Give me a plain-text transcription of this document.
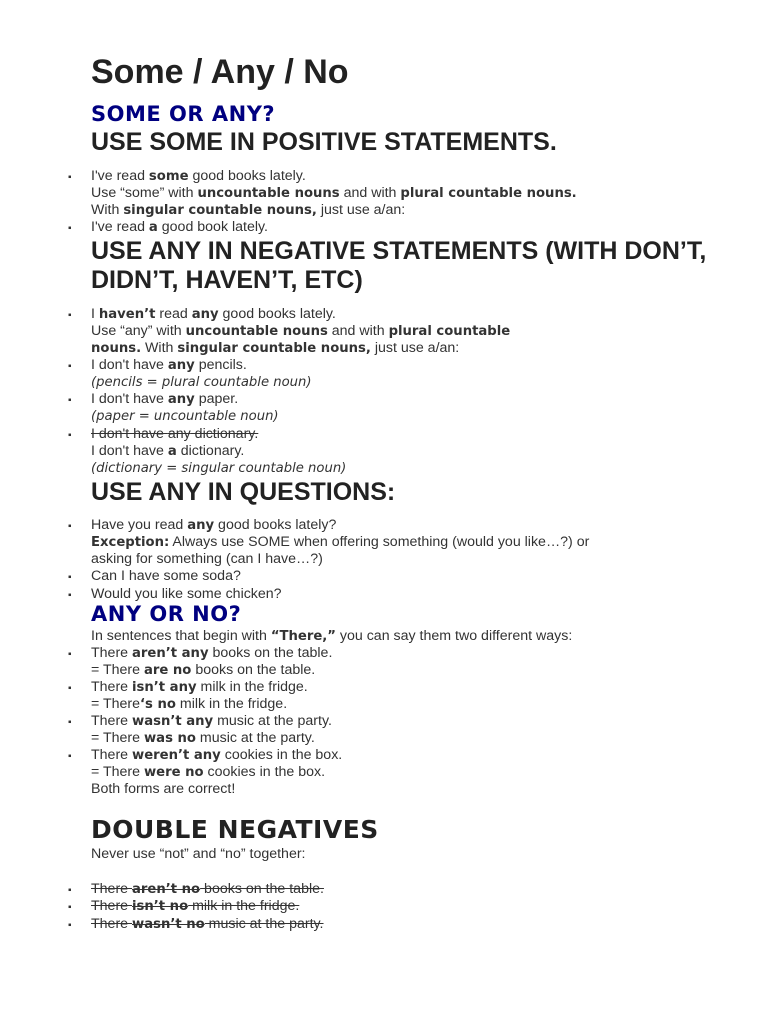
Some / Any / No
SOME OR ANY?
USE SOME IN POSITIVE STATEMENTS.
▪ I've read some good books lately.
Use “some” with uncountable nouns and with plural countable nouns.
With singular countable nouns, just use a/an:
▪ I've read a good book lately.
USE ANY IN NEGATIVE STATEMENTS (WITH DON’T, DIDN’T, HAVEN’T, ETC)
▪ I haven’t read any good books lately.
Use “any” with uncountable nouns and with plural countable
nouns. With singular countable nouns, just use a/an:
▪ I don't have any pencils.
(pencils = plural countable noun)
▪ I don't have any paper.
(paper = uncountable noun)
▪ I don't have any dictionary.
I don't have a dictionary.
(dictionary = singular countable noun)
USE ANY IN QUESTIONS:
▪ Have you read any good books lately?
Exception: Always use SOME when offering something (would you like…?) or
asking for something (can I have…?)
▪ Can I have some soda?
▪ Would you like some chicken?
ANY OR NO?
In sentences that begin with “There,” you can say them two different ways:
▪ There aren’t any books on the table.
= There are no books on the table.
▪ There isn’t any milk in the fridge.
= There‘s no milk in the fridge.
▪ There wasn’t any music at the party.
= There was no music at the party.
▪ There weren’t any cookies in the box.
= There were no cookies in the box.
Both forms are correct!
DOUBLE NEGATIVES
Never use “not” and “no” together:
▪ There aren’t no books on the table.
▪ There isn’t no milk in the fridge.
▪ There wasn’t no music at the party.
